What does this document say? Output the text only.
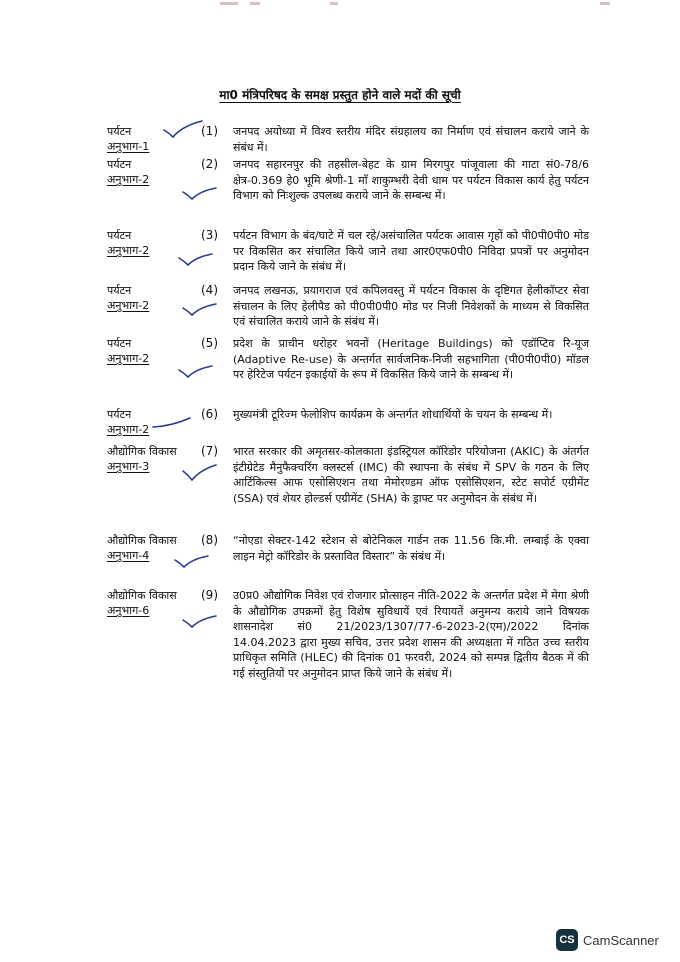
मा0 मंत्रिपरिषद के समक्ष प्रस्तुत होने वाले मदों की सूची
पर्यटन
अनुभाग-1
(1) जनपद अयोध्या में विश्व स्तरीय मंदिर संग्रहालय का निर्माण एवं संचालन कराये जाने के संबंध में।
पर्यटन
अनुभाग-2
(2) जनपद सहारनपुर की तहसील-बेहट के ग्राम मिरगपुर पांजूवाला की गाटा सं0-78/6 क्षेत्र-0.369 हे0 भूमि श्रेणी-1 माँ शाकुम्भरी देवी धाम पर पर्यटन विकास कार्य हेतु पर्यटन विभाग को निःशुल्क उपलब्ध कराये जाने के सम्बन्ध में।
पर्यटन
अनुभाग-2
(3) पर्यटन विभाग के बंद/घाटे में चल रहे/असंचालित पर्यटक आवास गृहों को पी0पी0पी0 मोड पर विकसित कर संचालित किये जाने तथा आर0एफ0पी0 निविदा प्रपत्रों पर अनुमोदन प्रदान किये जाने के संबंध में।
पर्यटन
अनुभाग-2
(4) जनपद लखनऊ, प्रयागराज एवं कपिलवस्तु में पर्यटन विकास के दृष्टिगत हेलीकॉप्टर सेवा संचालन के लिए हेलीपैड को पी0पी0पी0 मोड पर निजी निवेशकों के माध्यम से विकसित एवं संचालित कराये जाने के संबंध में।
पर्यटन
अनुभाग-2
(5) प्रदेश के प्राचीन धरोहर भवनों (Heritage Buildings) को एडॉप्टिव रि-यूज (Adaptive Re-use) के अन्तर्गत सार्वजनिक-निजी सहभागिता (पी0पी0पी0) मॉडल पर हेरिटेज पर्यटन इकाईयों के रूप में विकसित किये जाने के सम्बन्ध में।
पर्यटन
अनुभाग-2
(6) मुख्यमंत्री टूरिज्म फेलोशिप कार्यक्रम के अन्तर्गत शोधार्थियों के चयन के सम्बन्ध में।
औद्योगिक विकास
अनुभाग-3
(7) भारत सरकार की अमृतसर-कोलकाता इंडस्ट्रियल कॉरिडोर परियोजना (AKIC) के अंतर्गत इंटीग्रेटेड मैनुफैक्चरिंग क्लस्टर्स (IMC) की स्थापना के संबंध में SPV के गठन के लिए आर्टिकिल्स आफ एसोसिएशन तथा मेमोरण्डम ऑफ एसोसिएशन, स्टेट सपोर्ट एग्रीमेंट (SSA) एवं शेयर होल्डर्स एग्रीमेंट (SHA) के ड्राफ्ट पर अनुमोदन के संबंध में।
औद्योगिक विकास
अनुभाग-4
(8) “नोएडा सेक्टर-142 स्टेशन से बोटेनिकल गार्डन तक 11.56 कि.मी. लम्बाई के एक्वा लाइन मेट्रो कॉरिडोर के प्रस्तावित विस्तार” के संबंध में।
औद्योगिक विकास
अनुभाग-6
(9) उ0प्र0 औद्योगिक निवेश एवं रोजगार प्रोत्साहन नीति-2022 के अन्तर्गत प्रदेश में मेगा श्रेणी के औद्योगिक उपक्रमों हेतु विशेष सुविधायें एवं रियायतें अनुमन्य कराये जाने विषयक शासनादेश सं0 21/2023/1307/77-6-2023-2(एम)/2022 दिनांक 14.04.2023 द्वारा मुख्य सचिव, उत्तर प्रदेश शासन की अध्यक्षता में गठित उच्च स्तरीय प्राधिकृत समिति (HLEC) की दिनांक 01 फरवरी, 2024 को सम्पन्न द्वितीय बैठक में की गई संस्तुतियों पर अनुमोदन प्राप्त किये जाने के संबंध में।
CS CamScanner
